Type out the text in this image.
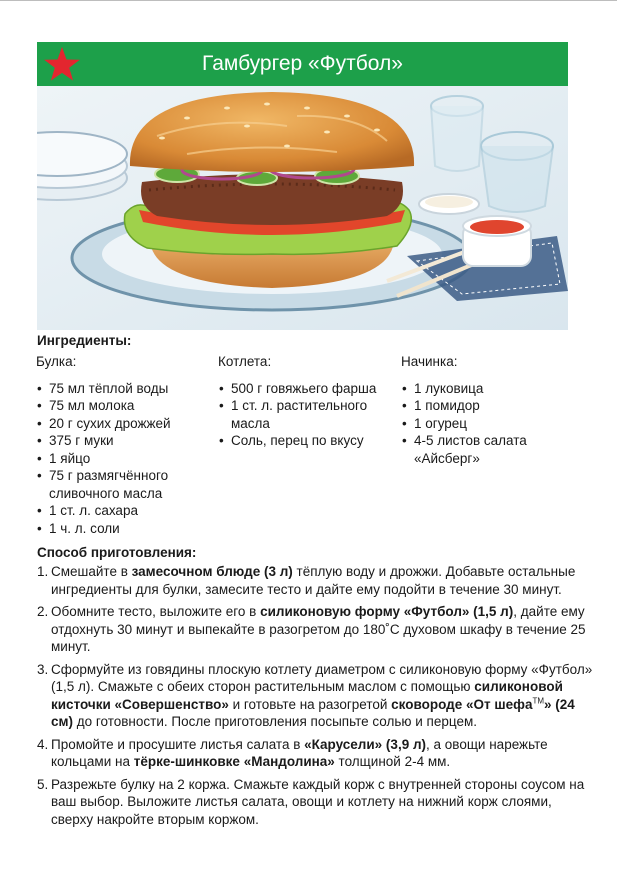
Гамбургер «Футбол»
Ингредиенты:
Булка:
• 75 мл тёплой воды
• 75 мл молока
• 20 г сухих дрожжей
• 375 г муки
• 1 яйцо
• 75 г размягчённого сливочного масла
• 1 ст. л. сахара
• 1 ч. л. соли
Котлета:
• 500 г говяжьего фарша
• 1 ст. л. растительного масла
• Соль, перец по вкусу
Начинка:
• 1 луковица
• 1 помидор
• 1 огурец
• 4-5 листов салата «Айсберг»
Способ приготовления:
1. Смешайте в замесочном блюде (3 л) тёплую воду и дрожжи. Добавьте остальные ингредиенты для булки, замесите тесто и дайте ему подойти в течение 30 минут.
2. Обомните тесто, выложите его в силиконовую форму «Футбол» (1,5 л), дайте ему отдохнуть 30 минут и выпекайте в разогретом до 180˚С духовом шкафу в течение 25 минут.
3. Сформуйте из говядины плоскую котлету диаметром с силиконовую форму «Футбол» (1,5 л). Смажьте с обеих сторон растительным маслом с помощью силиконовой кисточки «Совершенство» и готовьте на разогретой сковороде «От шефа™» (24 см) до готовности. После приготовления посыпьте солью и перцем.
4. Промойте и просушите листья салата в «Карусели» (3,9 л), а овощи нарежьте кольцами на тёрке-шинковке «Мандолина» толщиной 2-4 мм.
5. Разрежьте булку на 2 коржа. Смажьте каждый корж с внутренней стороны соусом на ваш выбор. Выложите листья салата, овощи и котлету на нижний корж слоями, сверху накройте вторым коржом.
